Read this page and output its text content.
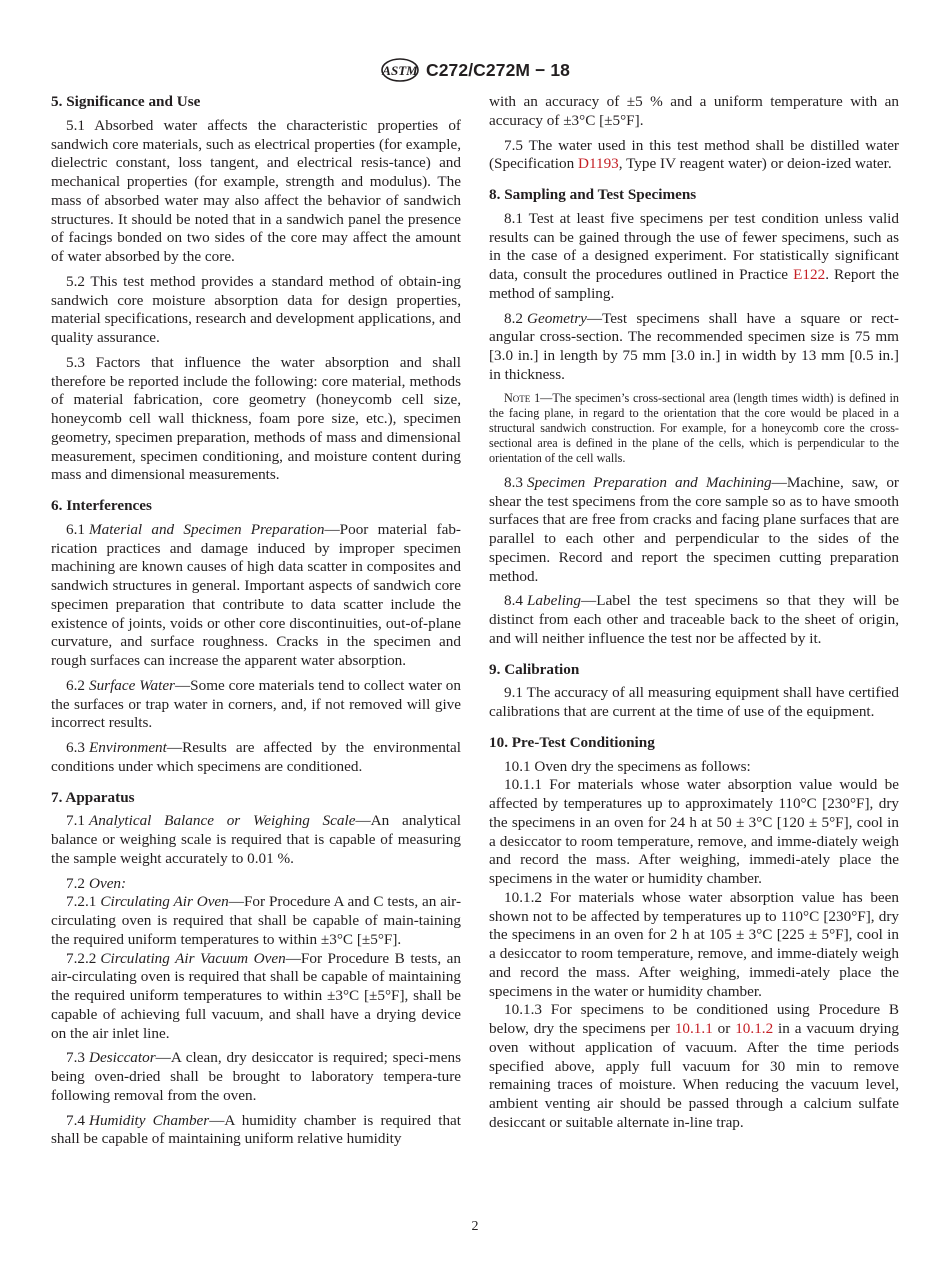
ASTM C272/C272M − 18
5. Significance and Use

5.1 Absorbed water affects the characteristic properties of sandwich core materials, such as electrical properties (for example, dielectric constant, loss tangent, and electrical resis-tance) and mechanical properties (for example, strength and modulus). The mass of absorbed water may also affect the behavior of sandwich structures. It should be noted that in a sandwich panel the presence of facings bonded on two sides of the core may affect the amount of water absorbed by the core.

5.2 This test method provides a standard method of obtain-ing sandwich core moisture absorption data for design properties, material specifications, research and development applications, and quality assurance.

5.3 Factors that influence the water absorption and shall therefore be reported include the following: core material, methods of material fabrication, core geometry (honeycomb cell size, honeycomb cell wall thickness, foam pore size, etc.), specimen geometry, specimen preparation, methods of mass and dimensional measurement, specimen conditioning, and moisture content during mass and dimensional measurements.

6. Interferences

6.1 Material and Specimen Preparation—Poor material fab-rication practices and damage induced by improper specimen machining are known causes of high data scatter in composites and sandwich structures in general. Important aspects of sandwich core specimen preparation that contribute to data scatter include the existence of joints, voids or other core discontinuities, out-of-plane curvature, and surface roughness. Cracks in the specimen and rough surfaces can increase the apparent water absorption.

6.2 Surface Water—Some core materials tend to collect water on the surfaces or trap water in corners, and, if not removed will give incorrect results.

6.3 Environment—Results are affected by the environmental conditions under which specimens are conditioned.

7. Apparatus

7.1 Analytical Balance or Weighing Scale—An analytical balance or weighing scale is required that is capable of measuring the sample weight accurately to 0.01 %.

7.2 Oven:

7.2.1 Circulating Air Oven—For Procedure A and C tests, an air-circulating oven is required that shall be capable of main-taining the required uniform temperatures to within ±3°C [±5°F].

7.2.2 Circulating Air Vacuum Oven—For Procedure B tests, an air-circulating oven is required that shall be capable of maintaining the required uniform temperatures to within ±3°C [±5°F], shall be capable of achieving full vacuum, and shall have a drying device on the air inlet line.

7.3 Desiccator—A clean, dry desiccator is required; speci-mens being oven-dried shall be brought to laboratory tempera-ture following removal from the oven.

7.4 Humidity Chamber—A humidity chamber is required that shall be capable of maintaining uniform relative humidity

with an accuracy of ±5 % and a uniform temperature with an accuracy of ±3°C [±5°F].

7.5 The water used in this test method shall be distilled water (Specification D1193, Type IV reagent water) or deion-ized water.

8. Sampling and Test Specimens

8.1 Test at least five specimens per test condition unless valid results can be gained through the use of fewer specimens, such as in the case of a designed experiment. For statistically significant data, consult the procedures outlined in Practice E122. Report the method of sampling.

8.2 Geometry—Test specimens shall have a square or rect-angular cross-section. The recommended specimen size is 75 mm [3.0 in.] in length by 75 mm [3.0 in.] in width by 13 mm [0.5 in.] in thickness.

Note 1—The specimen’s cross-sectional area (length times width) is defined in the facing plane, in regard to the orientation that the core would be placed in a structural sandwich construction. For example, for a honeycomb core the cross-sectional area is defined in the plane of the cells, which is perpendicular to the orientation of the cell walls.

8.3 Specimen Preparation and Machining—Machine, saw, or shear the test specimens from the core sample so as to have smooth surfaces that are free from cracks and facing plane surfaces that are parallel to each other and perpendicular to the sides of the specimen. Record and report the specimen cutting preparation method.

8.4 Labeling—Label the test specimens so that they will be distinct from each other and traceable back to the sheet of origin, and will neither influence the test nor be affected by it.

9. Calibration

9.1 The accuracy of all measuring equipment shall have certified calibrations that are current at the time of use of the equipment.

10. Pre-Test Conditioning

10.1 Oven dry the specimens as follows:

10.1.1 For materials whose water absorption value would be affected by temperatures up to approximately 110°C [230°F], dry the specimens in an oven for 24 h at 50 ± 3°C [120 ± 5°F], cool in a desiccator to room temperature, remove, and imme-diately weigh and record the mass. After weighing, immedi-ately place the specimens in the water or humidity chamber.

10.1.2 For materials whose water absorption value has been shown not to be affected by temperatures up to 110°C [230°F], dry the specimens in an oven for 2 h at 105 ± 3°C [225 ± 5°F], cool in a desiccator to room temperature, remove, and imme-diately weigh and record the mass. After weighing, immedi-ately place the specimens in the water or humidity chamber.

10.1.3 For specimens to be conditioned using Procedure B below, dry the specimens per 10.1.1 or 10.1.2 in a vacuum drying oven without application of vacuum. After the time periods specified above, apply full vacuum for 30 min to remove remaining traces of moisture. When reducing the vacuum level, ambient venting air should be passed through a calcium sulfate desiccant or suitable alternate in-line trap.

2
